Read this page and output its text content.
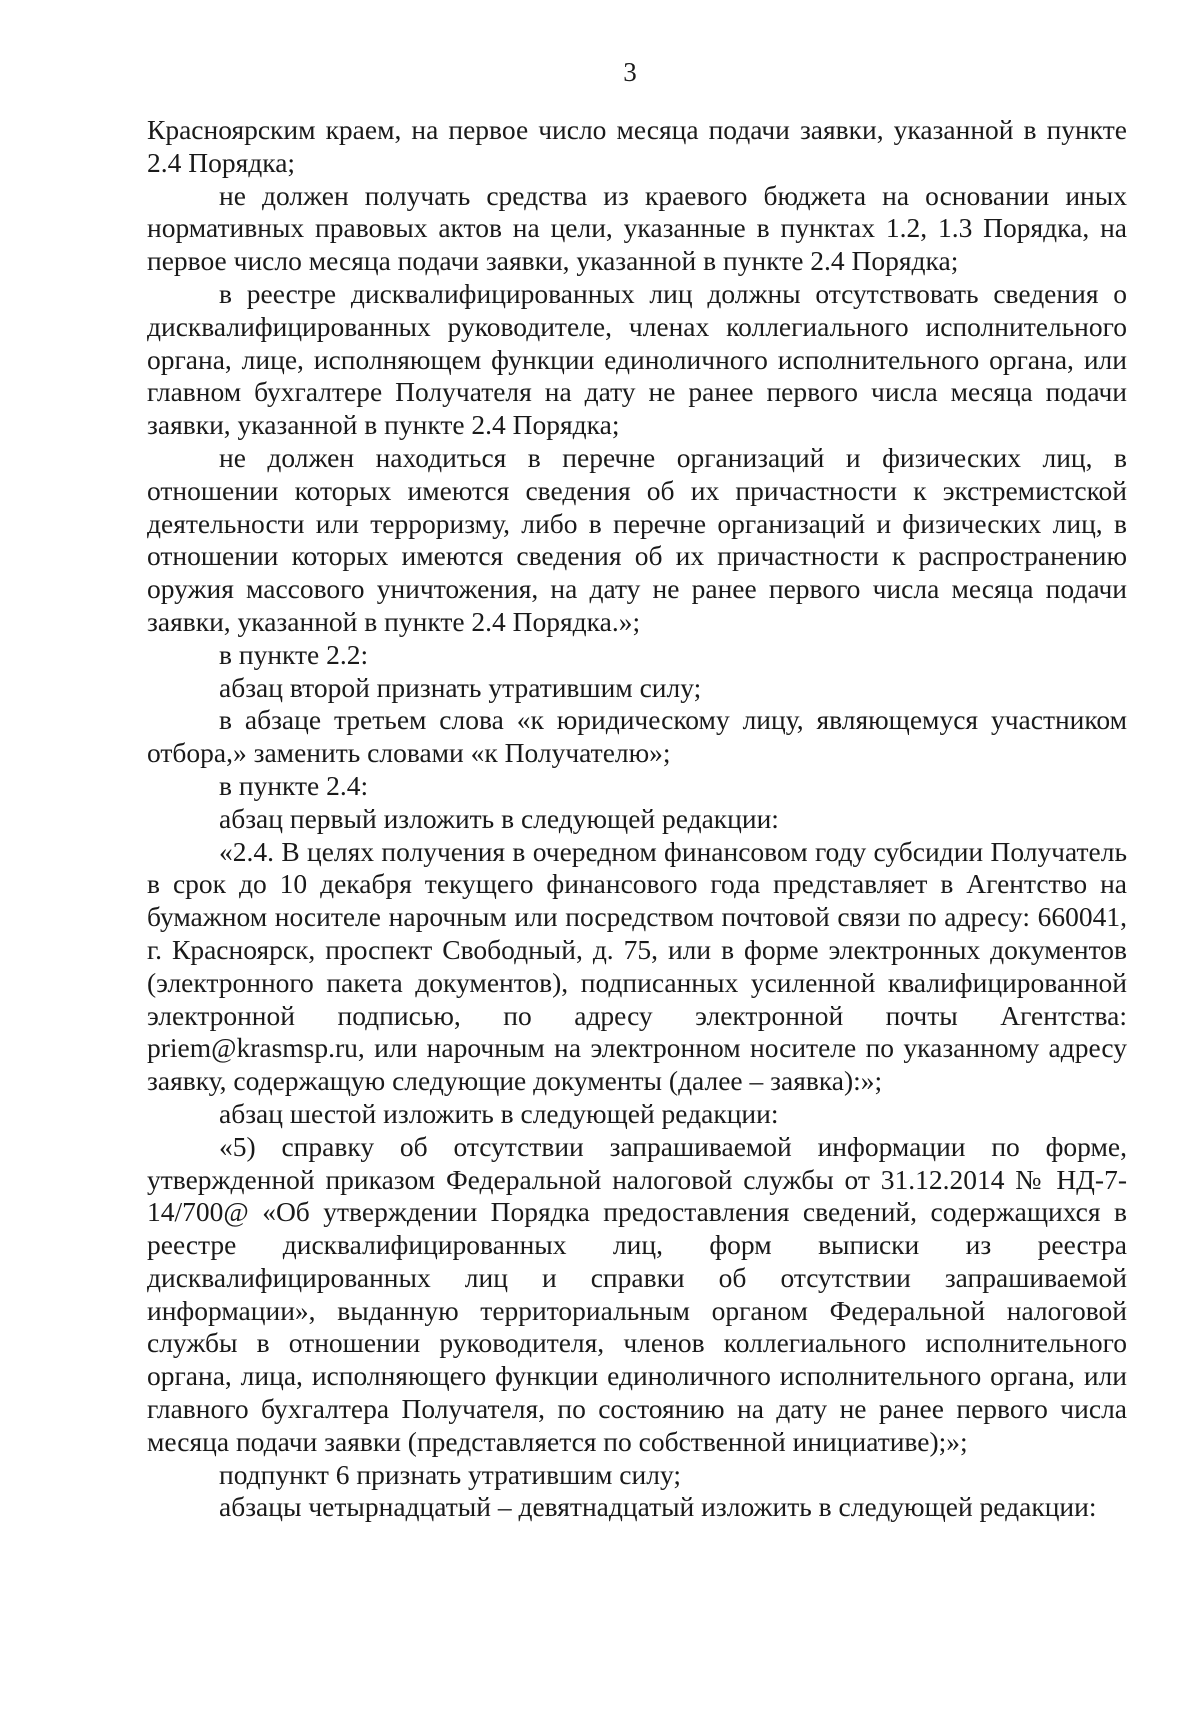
3

Красноярским краем, на первое число месяца подачи заявки, указанной в пункте 2.4 Порядка;

не должен получать средства из краевого бюджета на основании иных нормативных правовых актов на цели, указанные в пунктах 1.2, 1.3 Порядка, на первое число месяца подачи заявки, указанной в пункте 2.4 Порядка;

в реестре дисквалифицированных лиц должны отсутствовать сведения о дисквалифицированных руководителе, членах коллегиального исполнительного органа, лице, исполняющем функции единоличного исполнительного органа, или главном бухгалтере Получателя на дату не ранее первого числа месяца подачи заявки, указанной в пункте 2.4 Порядка;

не должен находиться в перечне организаций и физических лиц, в отношении которых имеются сведения об их причастности к экстремистской деятельности или терроризму, либо в перечне организаций и физических лиц, в отношении которых имеются сведения об их причастности к распространению оружия массового уничтожения, на дату не ранее первого числа месяца подачи заявки, указанной в пункте 2.4 Порядка.»;

в пункте 2.2:

абзац второй признать утратившим силу;

в абзаце третьем слова «к юридическому лицу, являющемуся участником отбора,» заменить словами «к Получателю»;

в пункте 2.4:

абзац первый изложить в следующей редакции:

«2.4. В целях получения в очередном финансовом году субсидии Получатель в срок до 10 декабря текущего финансового года представляет в Агентство на бумажном носителе нарочным или посредством почтовой связи по адресу: 660041, г. Красноярск, проспект Свободный, д. 75, или в форме электронных документов (электронного пакета документов), подписанных усиленной квалифицированной электронной подписью, по адресу электронной почты Агентства: priem@krasmsp.ru, или нарочным на электронном носителе по указанному адресу заявку, содержащую следующие документы (далее – заявка):»;

абзац шестой изложить в следующей редакции:

«5) справку об отсутствии запрашиваемой информации по форме, утвержденной приказом Федеральной налоговой службы от 31.12.2014 № НД-7-14/700@ «Об утверждении Порядка предоставления сведений, содержащихся в реестре дисквалифицированных лиц, форм выписки из реестра дисквалифицированных лиц и справки об отсутствии запрашиваемой информации», выданную территориальным органом Федеральной налоговой службы в отношении руководителя, членов коллегиального исполнительного органа, лица, исполняющего функции единоличного исполнительного органа, или главного бухгалтера Получателя, по состоянию на дату не ранее первого числа месяца подачи заявки (представляется по собственной инициативе);»;

подпункт 6 признать утратившим силу;

абзацы четырнадцатый – девятнадцатый изложить в следующей редакции:
